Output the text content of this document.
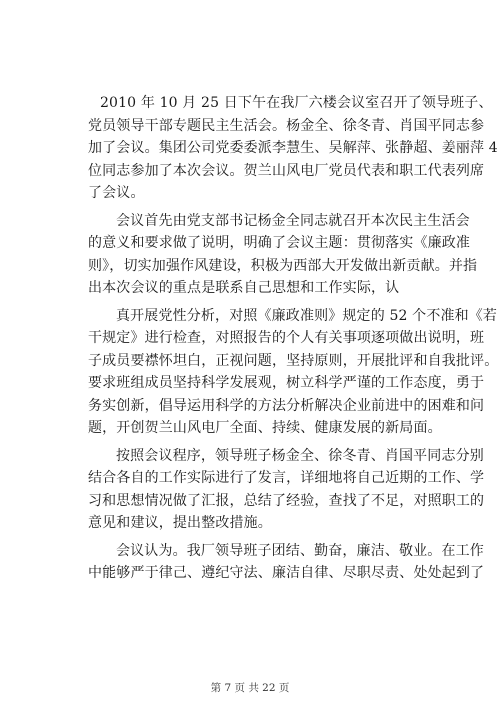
2010 年 10 月 25 日下午在我厂六楼会议室召开了领导班子、
党员领导干部专题民主生活会。杨金全、徐冬青、肖国平同志参
加了会议。集团公司党委委派李慧生、吴解萍、张静超、姜丽萍 4
位同志参加了本次会议。贺兰山风电厂党员代表和职工代表列席
了会议。

会议首先由党支部书记杨金全同志就召开本次民主生活会
的意义和要求做了说明，明确了会议主题：贯彻落实《廉政准
则》，切实加强作风建设，积极为西部大开发做出新贡献。并指
出本次会议的重点是联系自己思想和工作实际，认

真开展党性分析，对照《廉政准则》规定的 52 个不准和《若
干规定》进行检查，对照报告的个人有关事项逐项做出说明，班
子成员要襟怀坦白，正视问题，坚持原则，开展批评和自我批评。
要求班组成员坚持科学发展观，树立科学严谨的工作态度，勇于
务实创新，倡导运用科学的方法分析解决企业前进中的困难和问
题，开创贺兰山风电厂全面、持续、健康发展的新局面。

按照会议程序，领导班子杨金全、徐冬青、肖国平同志分别
结合各自的工作实际进行了发言，详细地将自己近期的工作、学
习和思想情况做了汇报，总结了经验，查找了不足，对照职工的
意见和建议，提出整改措施。

会议认为。我厂领导班子团结、勤奋，廉洁、敬业。在工作
中能够严于律己、遵纪守法、廉洁自律、尽职尽责、处处起到了

第 7 页 共 22 页
